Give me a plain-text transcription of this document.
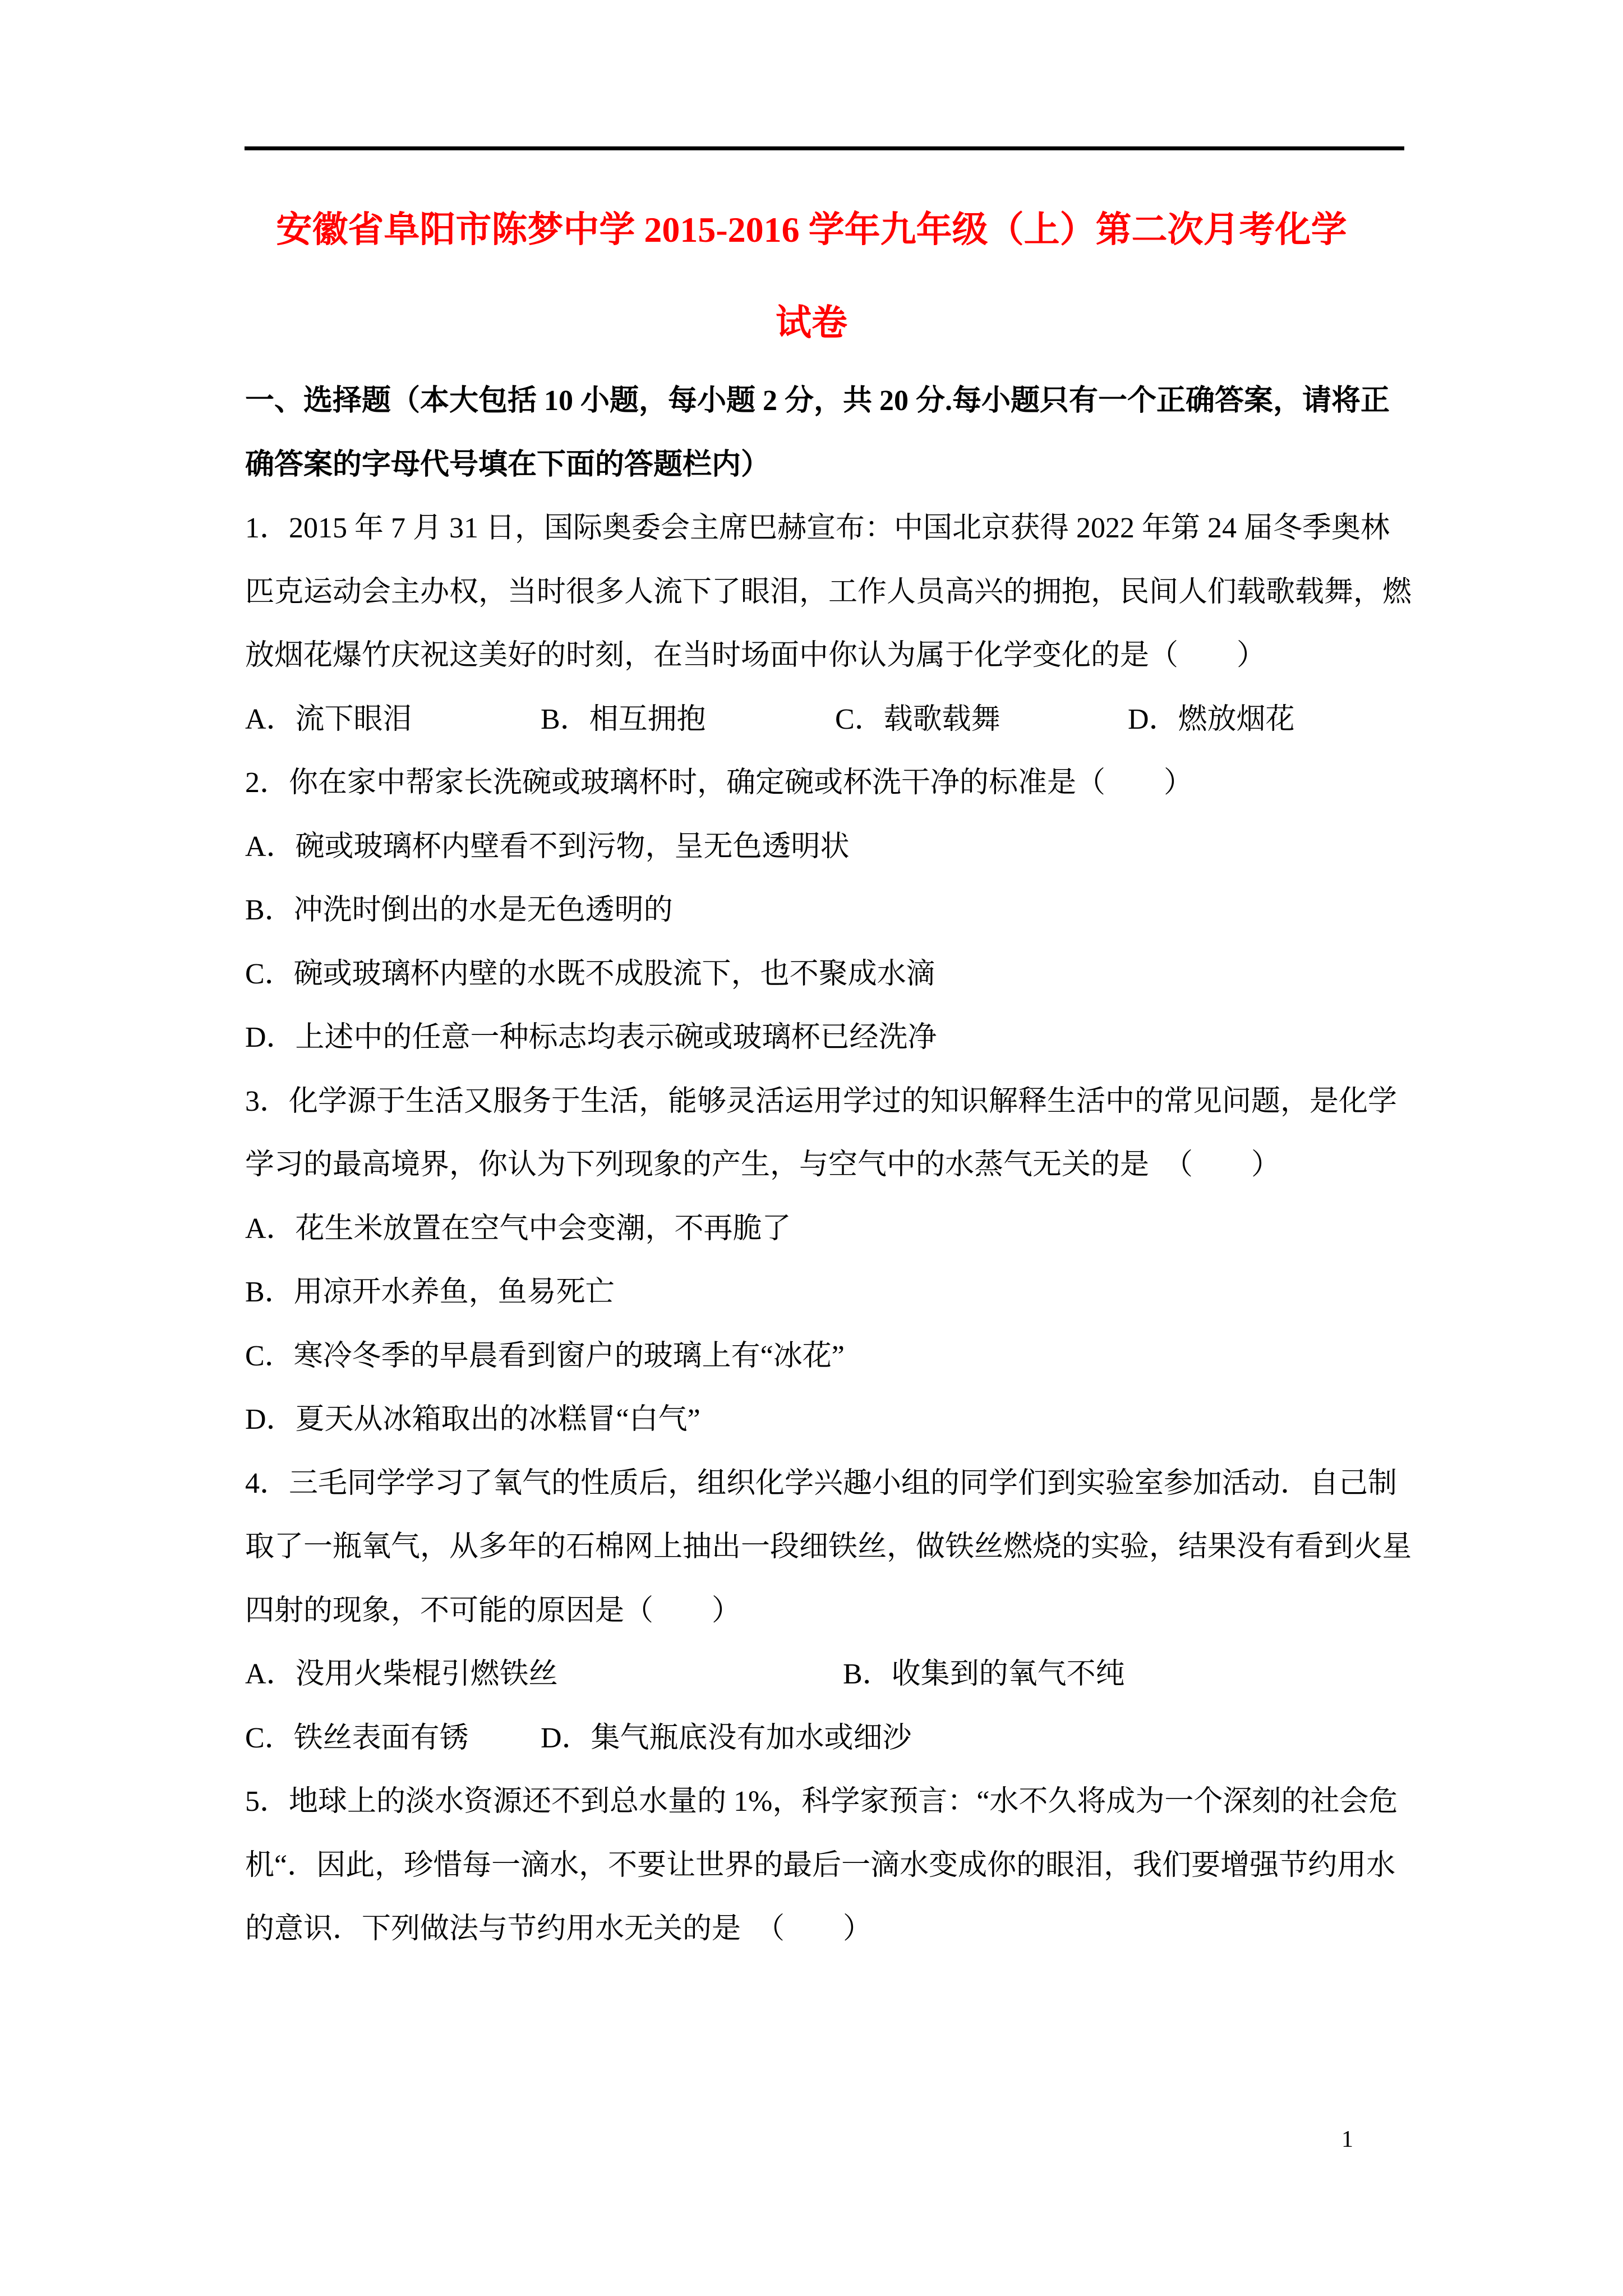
安徽省阜阳市陈梦中学 2015-2016 学年九年级（上）第二次月考化学
试卷
一、选择题（本大包括 10 小题，每小题 2 分，共 20 分.每小题只有一个正确答案，请将正
确答案的字母代号填在下面的答题栏内）
1．2015 年 7 月 31 日，国际奥委会主席巴赫宣布：中国北京获得 2022 年第 24 届冬季奥林
匹克运动会主办权，当时很多人流下了眼泪，工作人员高兴的拥抱，民间人们载歌载舞，燃
放烟花爆竹庆祝这美好的时刻，在当时场面中你认为属于化学变化的是（　　）
A．流下眼泪	B．相互拥抱	C．载歌载舞	D．燃放烟花
2．你在家中帮家长洗碗或玻璃杯时，确定碗或杯洗干净的标准是（　　）
A．碗或玻璃杯内壁看不到污物，呈无色透明状
B．冲洗时倒出的水是无色透明的
C．碗或玻璃杯内壁的水既不成股流下，也不聚成水滴
D．上述中的任意一种标志均表示碗或玻璃杯已经洗净
3．化学源于生活又服务于生活，能够灵活运用学过的知识解释生活中的常见问题，是化学
学习的最高境界，你认为下列现象的产生，与空气中的水蒸气无关的是　（　　）
A．花生米放置在空气中会变潮，不再脆了
B．用凉开水养鱼，鱼易死亡
C．寒冷冬季的早晨看到窗户的玻璃上有“冰花”
D．夏天从冰箱取出的冰糕冒“白气”
4．三毛同学学习了氧气的性质后，组织化学兴趣小组的同学们到实验室参加活动．自己制
取了一瓶氧气，从多年的石棉网上抽出一段细铁丝，做铁丝燃烧的实验，结果没有看到火星
四射的现象，不可能的原因是（　　）
A．没用火柴棍引燃铁丝	B．收集到的氧气不纯
C．铁丝表面有锈 D．集气瓶底没有加水或细沙
5．地球上的淡水资源还不到总水量的 1%，科学家预言：“水不久将成为一个深刻的社会危
机“．因此，珍惜每一滴水，不要让世界的最后一滴水变成你的眼泪，我们要增强节约用水
的意识．下列做法与节约用水无关的是　（　　）
1
